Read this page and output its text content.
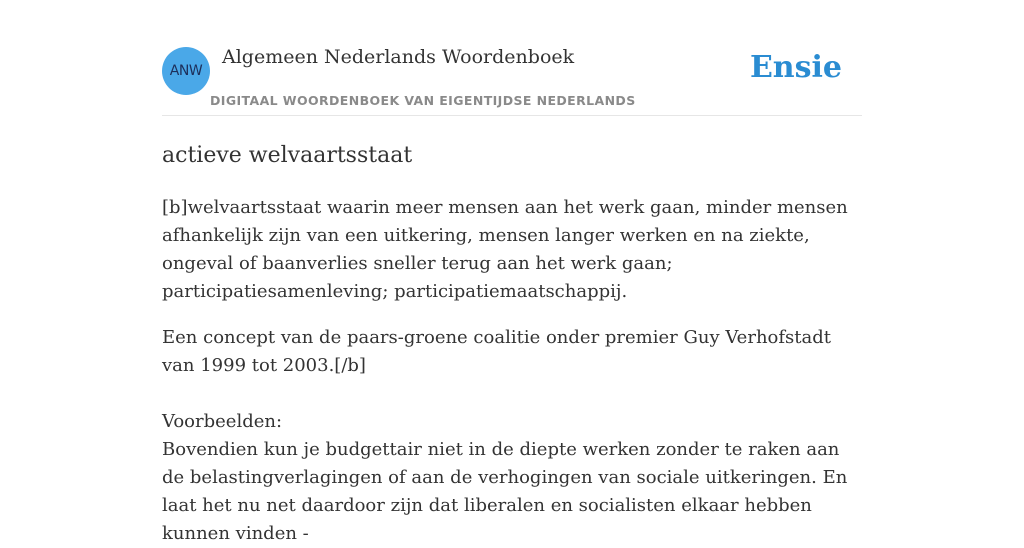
ANW
Algemeen Nederlands Woordenboek
DIGITAAL WOORDENBOEK VAN EIGENTIJDSE NEDERLANDS
Ensie
actieve welvaartsstaat

[b]welvaartsstaat waarin meer mensen aan het werk gaan, minder mensen afhankelijk zijn van een uitkering, mensen langer werken en na ziekte, ongeval of baanverlies sneller terug aan het werk gaan; participatiesamenleving; participatiemaatschappij.

Een concept van de paars-groene coalitie onder premier Guy Verhofstadt van 1999 tot 2003.[/b]

Voorbeelden:
Bovendien kun je budgettair niet in de diepte werken zonder te raken aan de belastingverlagingen of aan de verhogingen van sociale uitkeringen. En laat het nu net daardoor zijn dat liberalen en socialisten elkaar hebben kunnen vinden -
